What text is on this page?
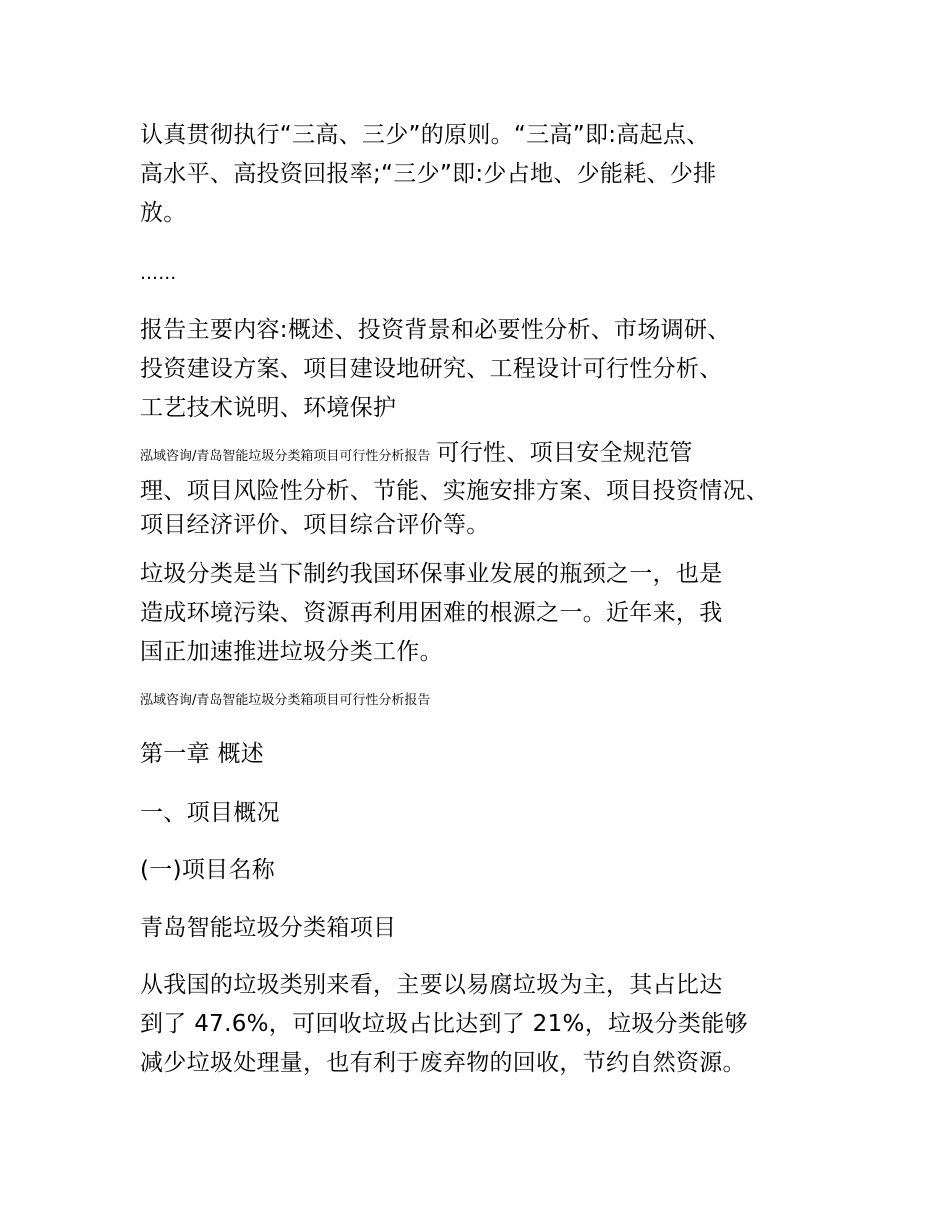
认真贯彻执行“三高、三少”的原则。“三高”即:高起点、
高水平、高投资回报率;“三少”即:少占地、少能耗、少排
放。

……

报告主要内容:概述、投资背景和必要性分析、市场调研、
投资建设方案、项目建设地研究、工程设计可行性分析、
工艺技术说明、环境保护

泓域咨询/青岛智能垃圾分类箱项目可行性分析报告 可行性、项目安全规范管
理、项目风险性分析、节能、实施安排方案、项目投资情况、
项目经济评价、项目综合评价等。

垃圾分类是当下制约我国环保事业发展的瓶颈之一，也是
造成环境污染、资源再利用困难的根源之一。近年来，我
国正加速推进垃圾分类工作。

泓域咨询/青岛智能垃圾分类箱项目可行性分析报告

第一章 概述

一、项目概况

(一)项目名称

青岛智能垃圾分类箱项目

从我国的垃圾类别来看，主要以易腐垃圾为主，其占比达
到了 47.6%，可回收垃圾占比达到了 21%，垃圾分类能够
减少垃圾处理量，也有利于废弃物的回收，节约自然资源。
